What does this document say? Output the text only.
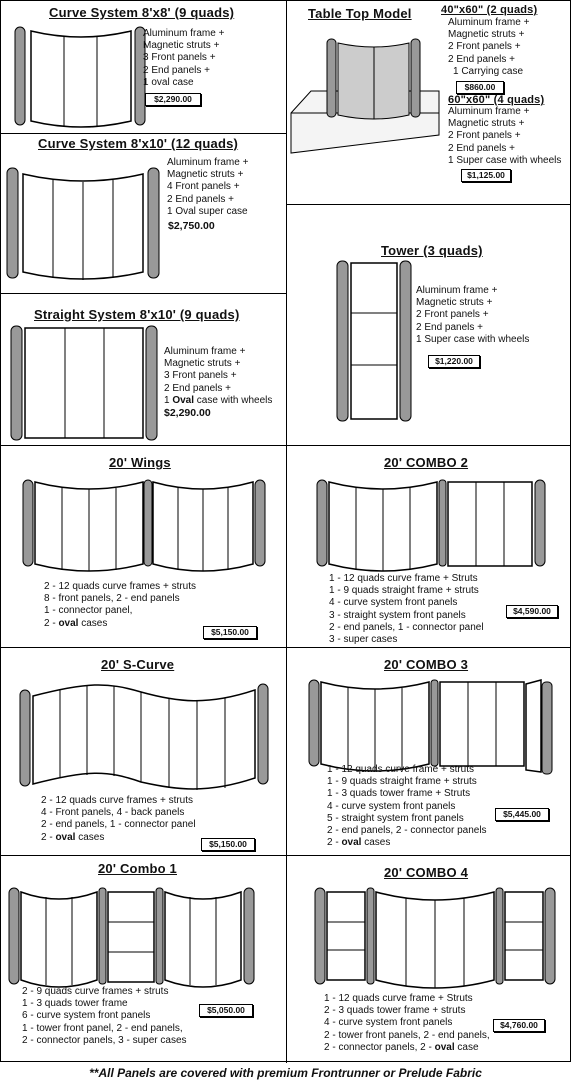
Curve System 8'x8' (9 quads)
Aluminum frame +
Magnetic struts +
3 Front panels +
2 End panels +
1 oval case
$2,290.00
Table Top Model	40"x60" (2 quads)
Aluminum frame +
Magnetic struts +
2 Front panels +
2 End panels +
1 Carrying case
$860.00
60"x60" (4 quads)
Aluminum frame +
Magnetic struts +
2 Front panels +
2 End panels +
1 Super case with wheels
$1,125.00
Curve System 8'x10' (12 quads)
Aluminum frame +
Magnetic struts +
4 Front panels +
2 End panels +
1 Oval super case
$2,750.00
Tower (3 quads)
Aluminum frame +
Magnetic struts +
2 Front panels +
2 End panels +
1 Super case with wheels
$1,220.00
Straight System 8'x10' (9 quads)
Aluminum frame +
Magnetic struts +
3 Front panels +
2 End panels +
1 Oval case with wheels
$2,290.00
20' Wings
2 - 12 quads curve frames + struts
8 - front panels, 2 - end panels
1 - connector panel,
2 - oval cases
$5,150.00
20' COMBO 2
1 - 12 quads curve frame + Struts
1 - 9 quads straight frame + struts
4 - curve system front panels
3 - straight system front panels
2 - end panels, 1 - connector panel
3 - super cases
$4,590.00
20' S-Curve
2 - 12 quads curve frames + struts
4 - Front panels, 4 - back panels
2 - end panels, 1 - connector panel
2 - oval cases
$5,150.00
20' COMBO 3
1 - 12 quads curve frame + struts
1 - 9 quads straight frame + struts
1 - 3 quads tower frame + Struts
4 - curve system front panels
5 - straight system front panels
2 - end panels, 2 - connector panels
2 - oval cases
$5,445.00
20' Combo 1
2 - 9 quads curve frames + struts
1 - 3 quads tower frame
6 - curve system front panels
1 - tower front panel, 2 - end panels,
2 - connector panels, 3 - super cases
$5,050.00
20' COMBO 4
1 - 12 quads curve frame + Struts
2 - 3 quads tower frame + struts
4 - curve system front panels
2 - tower front panels, 2 - end panels,
2 - connector panels, 2 - oval case
$4,760.00
**All Panels are covered with premium Frontrunner or Prelude Fabric
